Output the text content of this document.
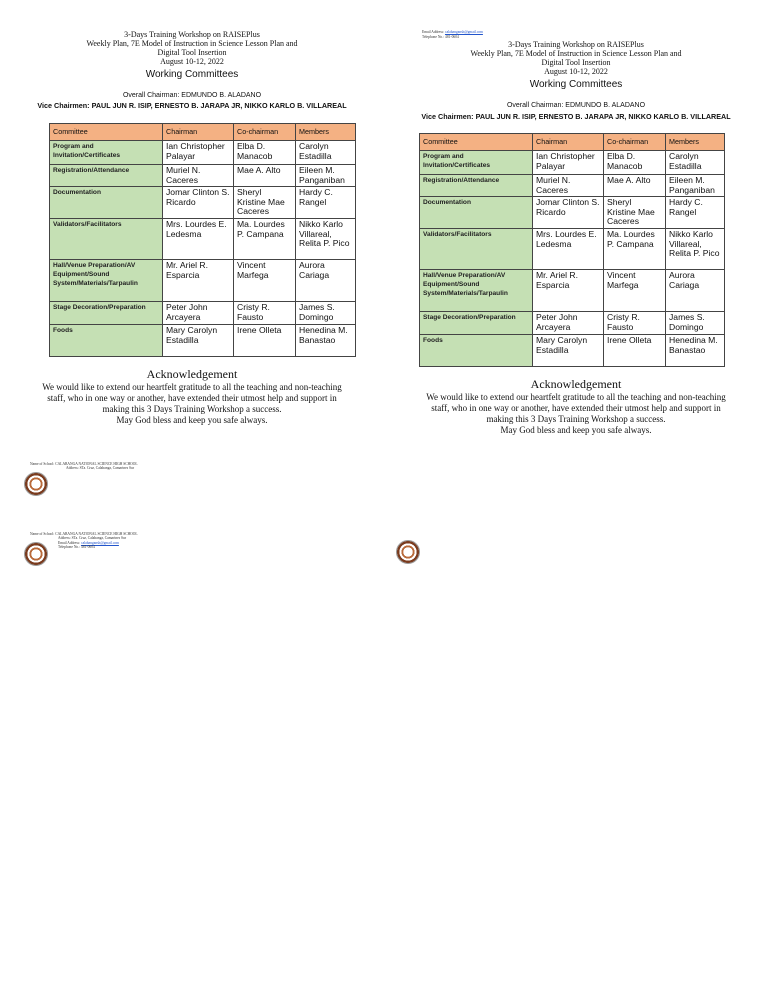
3-Days Training Workshop on RAISEPlus
Weekly Plan, 7E Model of Instruction in Science Lesson Plan and
Digital Tool Insertion
August 10-12, 2022
Working Committees
Overall Chairman: EDMUNDO B. ALADANO
Vice Chairmen: PAUL JUN R. ISIP, ERNESTO B. JARAPA JR, NIKKO KARLO B. VILLAREAL
Committee	Chairman	Co-chairman	Members
Program and Invitation/Certificates	Ian Christopher Palayar	Elba D. Manacob	Carolyn Estadilla
Registration/Attendance	Muriel N. Caceres	Mae A. Alto	Eileen M. Panganiban
Documentation	Jomar Clinton S. Ricardo	Sheryl Kristine Mae Caceres	Hardy C. Rangel
Validators/Facilitators	Mrs. Lourdes E. Ledesma	Ma. Lourdes P. Campana	Nikko Karlo Villareal, Relita P. Pico
Hall/Venue Preparation/AV Equipment/Sound System/Materials/Tarpaulin	Mr. Ariel R. Esparcia	Vincent Marfega	Aurora Cariaga
Stage Decoration/Preparation	Peter John Arcayera	Cristy R. Fausto	James S. Domingo
Foods	Mary Carolyn Estadilla	Irene Olleta	Henedina M. Banastao
Acknowledgement
We would like to extend our heartfelt gratitude to all the teaching and non-teaching
staff, who in one way or another, have extended their utmost help and support in
making this 3 Days Training Workshop a success.
May God bless and keep you safe always.
Name of School: CALABANGA NATIONAL SCIENCE HIGH SCHOOL
Address: STa. Cruz, Calabanga, Camarines Sur
Name of School: CALABANGA NATIONAL SCIENCE HIGH SCHOOL
Address: STa. Cruz, Calabanga, Camarines Sur
Email Address: calabangansh@gmail.com
Telephone No.: 481-0604
Email Address: calabangansh@gmail.com
Telephone No.: 481-0604
3-Days Training Workshop on RAISEPlus
Weekly Plan, 7E Model of Instruction in Science Lesson Plan and
Digital Tool Insertion
August 10-12, 2022
Working Committees
Overall Chairman: EDMUNDO B. ALADANO
Vice Chairmen: PAUL JUN R. ISIP, ERNESTO B. JARAPA JR, NIKKO KARLO B. VILLAREAL
Committee	Chairman	Co-chairman	Members
Program and Invitation/Certificates	Ian Christopher Palayar	Elba D. Manacob	Carolyn Estadilla
Registration/Attendance	Muriel N. Caceres	Mae A. Alto	Eileen M. Panganiban
Documentation	Jomar Clinton S. Ricardo	Sheryl Kristine Mae Caceres	Hardy C. Rangel
Validators/Facilitators	Mrs. Lourdes E. Ledesma	Ma. Lourdes P. Campana	Nikko Karlo Villareal, Relita P. Pico
Hall/Venue Preparation/AV Equipment/Sound System/Materials/Tarpaulin	Mr. Ariel R. Esparcia	Vincent Marfega	Aurora Cariaga
Stage Decoration/Preparation	Peter John Arcayera	Cristy R. Fausto	James S. Domingo
Foods	Mary Carolyn Estadilla	Irene Olleta	Henedina M. Banastao
Acknowledgement
We would like to extend our heartfelt gratitude to all the teaching and non-teaching
staff, who in one way or another, have extended their utmost help and support in
making this 3 Days Training Workshop a success.
May God bless and keep you safe always.
